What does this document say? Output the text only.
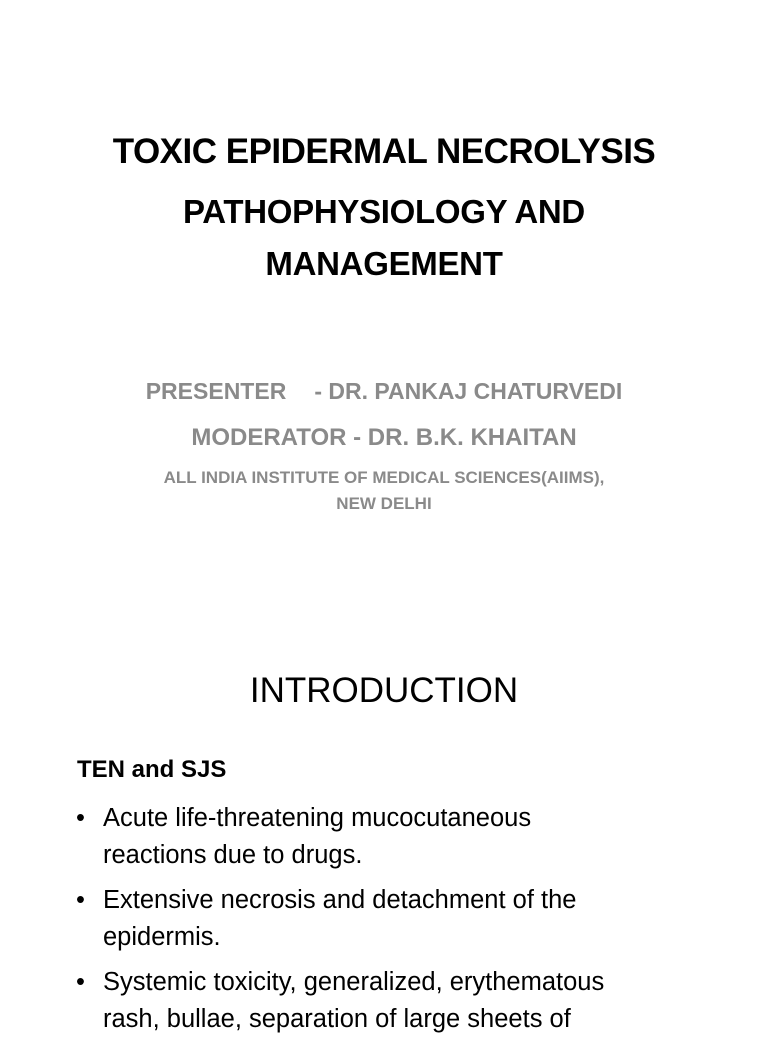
TOXIC EPIDERMAL NECROLYSIS
PATHOPHYSIOLOGY AND
MANAGEMENT
PRESENTER - DR. PANKAJ CHATURVEDI
MODERATOR - DR. B.K. KHAITAN
ALL INDIA INSTITUTE OF MEDICAL SCIENCES(AIIMS),
NEW DELHI
INTRODUCTION
TEN and SJS
• Acute life-threatening mucocutaneous
reactions due to drugs.
• Extensive necrosis and detachment of the
epidermis.
• Systemic toxicity, generalized, erythematous
rash, bullae, separation of large sheets of
